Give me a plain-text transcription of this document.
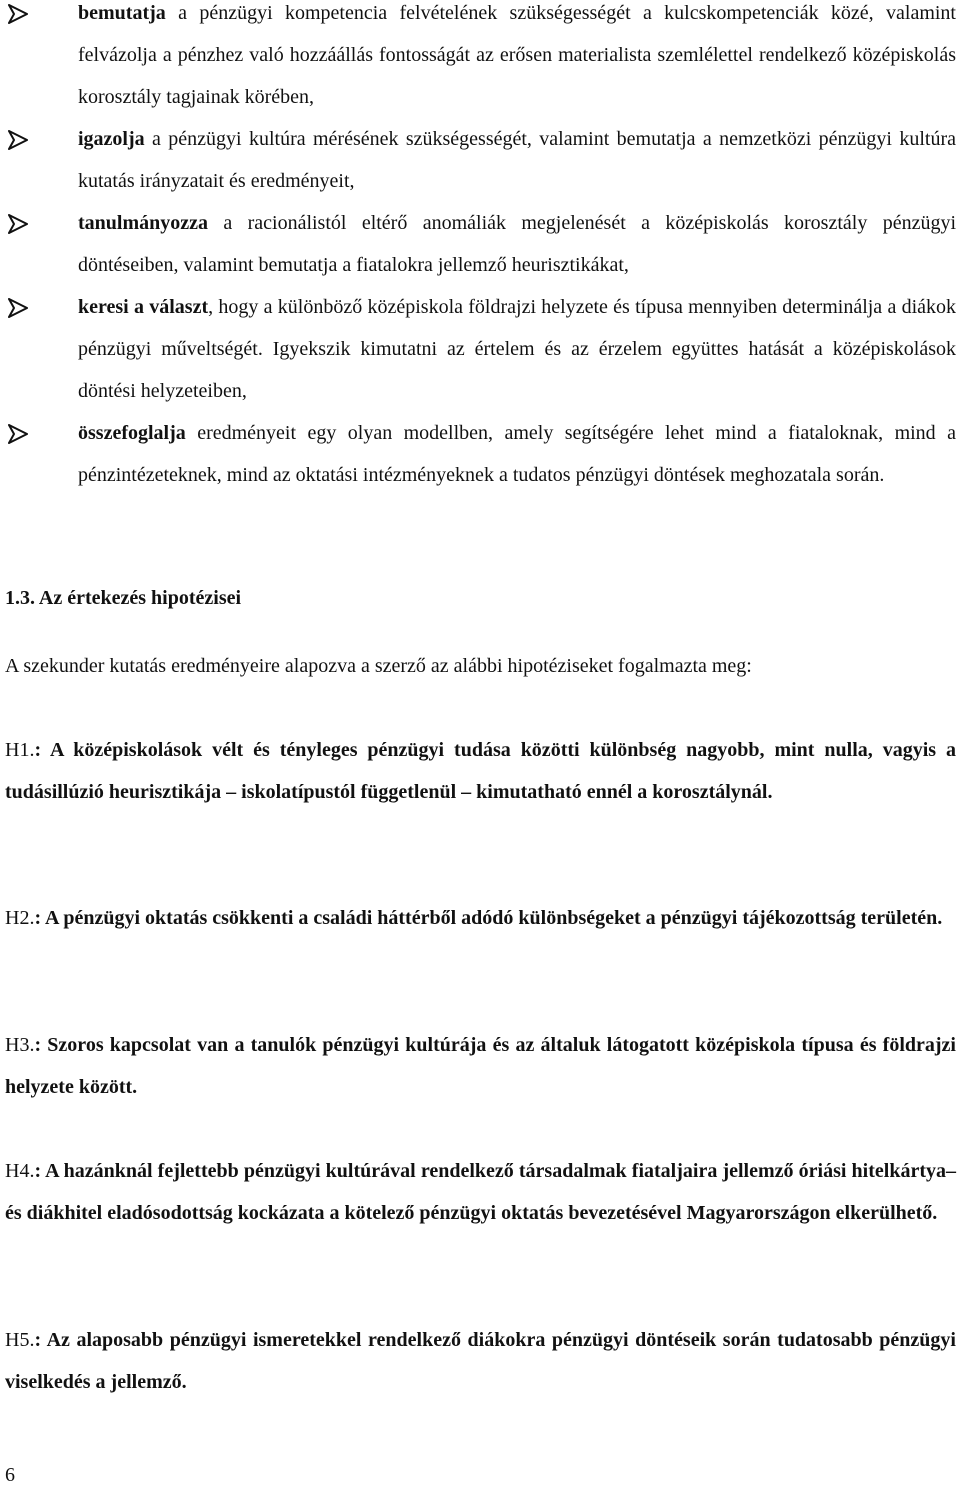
bemutatja a pénzügyi kompetencia felvételének szükségességét a kulcskompetenciák közé, valamint felvázolja a pénzhez való hozzáállás fontosságát az erősen materialista szemlélettel rendelkező középiskolás korosztály tagjainak körében,
igazolja a pénzügyi kultúra mérésének szükségességét, valamint bemutatja a nemzetközi pénzügyi kultúra kutatás irányzatait és eredményeit,
tanulmányozza a racionálistól eltérő anomáliák megjelenését a középiskolás korosztály pénzügyi döntéseiben, valamint bemutatja a fiatalokra jellemző heurisztikákat,
keresi a választ, hogy a különböző középiskola földrajzi helyzete és típusa mennyiben determinálja a diákok pénzügyi műveltségét. Igyekszik kimutatni az értelem és az érzelem együttes hatását a középiskolások döntési helyzeteiben,
összefoglalja eredményeit egy olyan modellben, amely segítségére lehet mind a fiataloknak, mind a pénzintézeteknek, mind az oktatási intézményeknek a tudatos pénzügyi döntések meghozatala során.
1.3. Az értekezés hipotézisei

A szekunder kutatás eredményeire alapozva a szerző az alábbi hipotéziseket fogalmazta meg:

H1.: A középiskolások vélt és tényleges pénzügyi tudása közötti különbség nagyobb, mint nulla, vagyis a tudásillúzió heurisztikája – iskolatípustól függetlenül – kimutatható ennél a korosztálynál.

H2.: A pénzügyi oktatás csökkenti a családi háttérből adódó különbségeket a pénzügyi tájékozottság területén.

H3.: Szoros kapcsolat van a tanulók pénzügyi kultúrája és az általuk látogatott középiskola típusa és földrajzi helyzete között.

H4.: A hazánknál fejlettebb pénzügyi kultúrával rendelkező társadalmak fiataljaira jellemző óriási hitelkártya– és diákhitel eladósodottság kockázata a kötelező pénzügyi oktatás bevezetésével Magyarországon elkerülhető.

H5.: Az alaposabb pénzügyi ismeretekkel rendelkező diákokra pénzügyi döntéseik során tudatosabb pénzügyi viselkedés a jellemző.

6
